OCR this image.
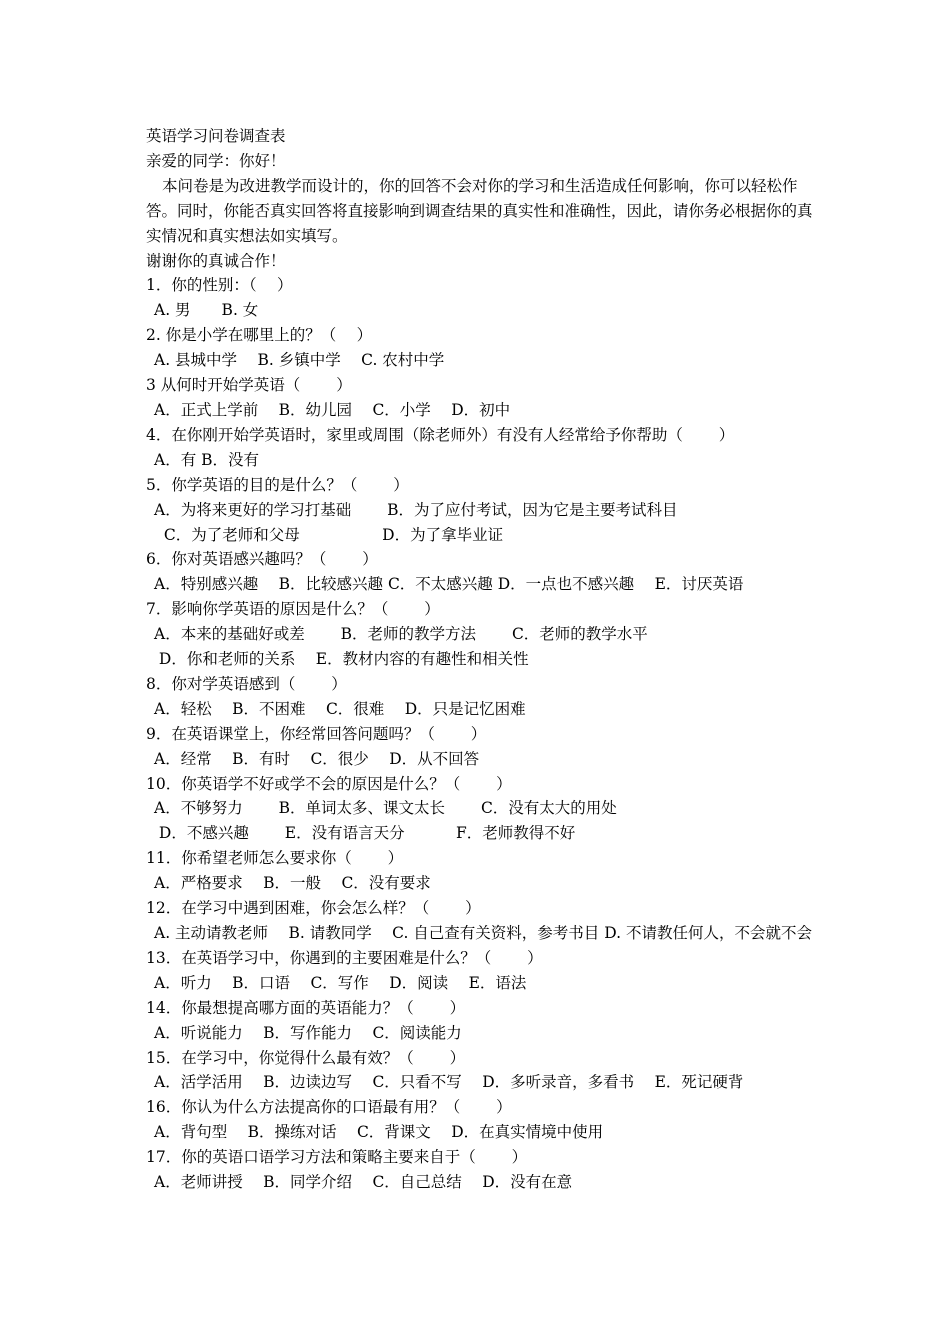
英语学习问卷调查表
亲爱的同学：你好！
本问卷是为改进教学而设计的，你的回答不会对你的学习和生活造成任何影响，你可以轻松作答。同时，你能否真实回答将直接影响到调查结果的真实性和准确性，因此，请你务必根据你的真实情况和真实想法如实填写。
谢谢你的真诚合作！
1．你的性别：（　 ）
A. 男　　B. 女
2. 你是小学在哪里上的？（　 ）
A. 县城中学　 B. 乡镇中学　 C. 农村中学
3 从何时开始学英语（　　 ）
A．正式上学前　 B．幼儿园　 C．小学　 D．初中
4．在你刚开始学英语时，家里或周围（除老师外）有没有人经常给予你帮助（　　 ）
A．有 B．没有
5．你学英语的目的是什么？（　　 ）
A．为将来更好的学习打基础　　 B．为了应付考试，因为它是主要考试科目
C．为了老师和父母　　　　　 D．为了拿毕业证
6．你对英语感兴趣吗？（　　 ）
A．特别感兴趣　 B．比较感兴趣 C．不太感兴趣 D．一点也不感兴趣　 E．讨厌英语
7．影响你学英语的原因是什么？（　　 ）
A．本来的基础好或差　　 B．老师的教学方法　　 C．老师的教学水平
D．你和老师的关系　 E．教材内容的有趣性和相关性
8．你对学英语感到（　　 ）
A．轻松　 B．不困难　 C．很难　 D．只是记忆困难
9．在英语课堂上，你经常回答问题吗？（　　 ）
A．经常　 B．有时　 C．很少　 D．从不回答
10．你英语学不好或学不会的原因是什么？（　　 ）
A．不够努力　　 B．单词太多、课文太长　　 C．没有太大的用处
D．不感兴趣　　 E．没有语言天分　　　 F．老师教得不好
11．你希望老师怎么要求你（　　 ）
A．严格要求　 B．一般　 C．没有要求
12．在学习中遇到困难，你会怎么样？（　　 ）
A. 主动请教老师　 B. 请教同学　 C. 自己查有关资料，参考书目 D. 不请教任何人，不会就不会
13．在英语学习中，你遇到的主要困难是什么？（　　 ）
A．听力　 B．口语　 C．写作　 D．阅读　 E．语法
14．你最想提高哪方面的英语能力？（　　 ）
A．听说能力　 B．写作能力　 C．阅读能力
15．在学习中，你觉得什么最有效？（　　 ）
A．活学活用　 B．边读边写　 C．只看不写　 D．多听录音，多看书　 E．死记硬背
16．你认为什么方法提高你的口语最有用？（　　 ）
A．背句型　 B．操练对话　 C．背课文　 D．在真实情境中使用
17．你的英语口语学习方法和策略主要来自于（　　 ）
A．老师讲授　 B．同学介绍　 C．自己总结　 D．没有在意
